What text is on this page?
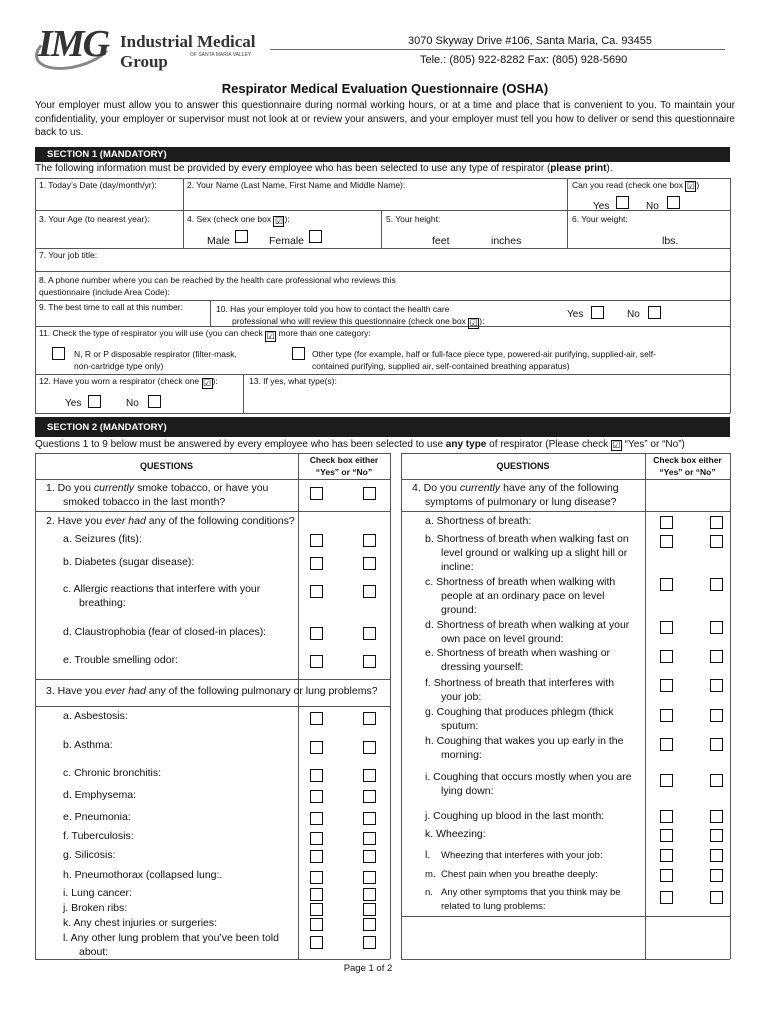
IMG Industrial Medical Group	OF SANTA MARIA VALLEY
3070 Skyway Drive #106, Santa Maria, Ca. 93455
Tele.: (805) 922-8282 Fax: (805) 928-5690
Respirator Medical Evaluation Questionnaire (OSHA)
Your employer must allow you to answer this questionnaire during normal working hours, or at a time and place that is convenient to you. To maintain your confidentiality, your employer or supervisor must not look at or review your answers, and your employer must tell you how to deliver or send this questionnaire back to us.
SECTION 1 (MANDATORY)
The following information must be provided by every employee who has been selected to use any type of respirator (please print).
1. Today’s Date (day/month/yr):	2. Your Name (Last Name, First Name and Middle Name):	Can you read (check one box ☑)
Yes	No
3. Your Age (to nearest year):	4. Sex (check one box ☑):
Male	Female
5. Your height:
feet	inches
6. Your weight:
lbs.
7. Your job title:
8. A phone number where you can be reached by the health care professional who reviews this
questionnaire (include Area Code):
9. The best time to call at this number:	10. Has your employer told you how to contact the health care
professional who will review this questionnaire (check one box ☑):
Yes	No
11. Check the type of respirator you will use (you can check ☑ more than one category:
N, R or P disposable respirator (filter-mask,
non-cartridge type only)
Other type (for example, half or full-face piece type, powered-air purifying, supplied-air, self-
contained purifying, supplied air, self-contained breathing apparatus)
12. Have you worn a respirator (check one ☑):	13. If yes, what type(s):
Yes	No
SECTION 2 (MANDATORY)
Questions 1 to 9 below must be answered by every employee who has been selected to use any type of respirator (Please check ☑ “Yes” or “No”)
QUESTIONS
Check box either
“Yes” or “No”
QUESTIONS
Check box either
“Yes” or “No”
1. Do you currently smoke tobacco, or have you
smoked tobacco in the last month?
2. Have you ever had any of the following conditions?
a. Seizures (fits):
b. Diabetes (sugar disease):
c. Allergic reactions that interfere with your
breathing:
d. Claustrophobia (fear of closed-in places):
e. Trouble smelling odor:
3. Have you ever had any of the following pulmonary or lung problems?
a. Asbestosis:
b. Asthma:
c. Chronic bronchitis:
d. Emphysema:
e. Pneumonia:
f. Tuberculosis:
g. Silicosis:
h. Pneumothorax (collapsed lung:.
i. Lung cancer:
j. Broken ribs:
k. Any chest injuries or surgeries:
l. Any other lung problem that you’ve been told
about:
4. Do you currently have any of the following
symptoms of pulmonary or lung disease?
a. Shortness of breath:
b. Shortness of breath when walking fast on
level ground or walking up a slight hill or
incline:
c. Shortness of breath when walking with
people at an ordinary pace on level
ground:
d. Shortness of breath when walking at your
own pace on level ground:
e. Shortness of breath when washing or
dressing yourself:
f. Shortness of breath that interferes with
your job:
g. Coughing that produces phlegm (thick
sputum:
h. Coughing that wakes you up early in the
morning:
i. Coughing that occurs mostly when you are
lying down:
j. Coughing up blood in the last month:
k. Wheezing:
l. Wheezing that interferes with your job:
m. Chest pain when you breathe deeply:
n. Any other symptoms that you think may be
related to lung problems:
Page 1 of 2
